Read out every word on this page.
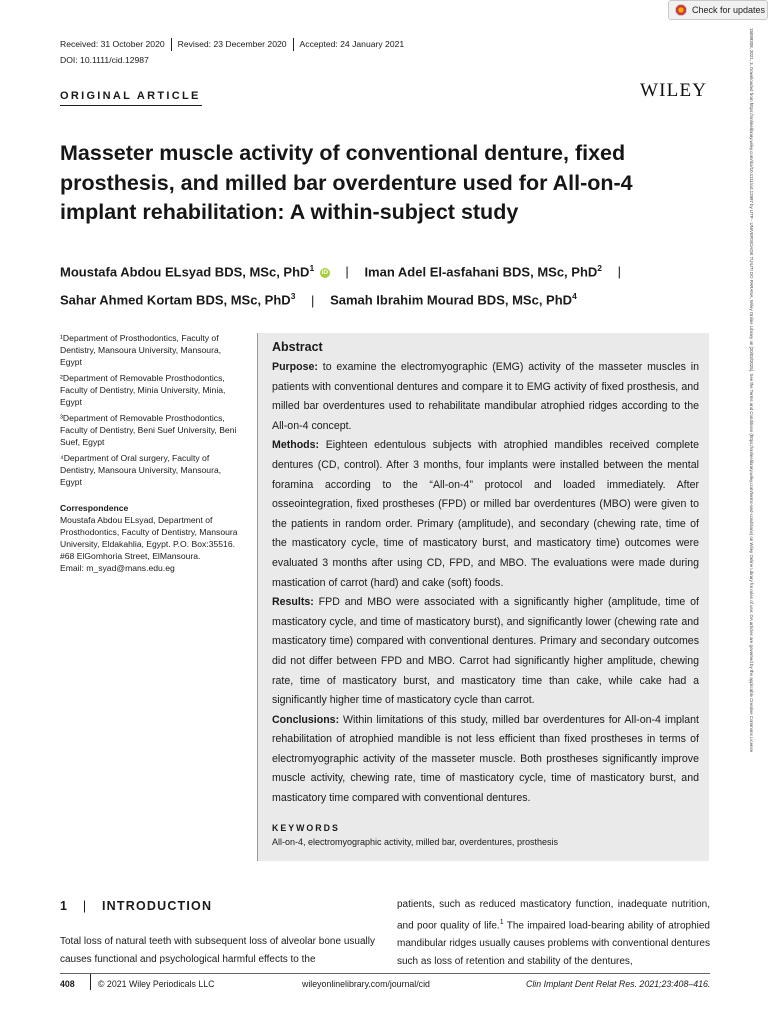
Check for updates
Received: 31 October 2020 Revised: 23 December 2020 Accepted: 24 January 2021
DOI: 10.1111/cid.12987
ORIGINAL ARTICLE	WILEY
Masseter muscle activity of conventional denture, fixed prosthesis, and milled bar overdenture used for All-on-4 implant rehabilitation: A within-subject study
Moustafa Abdou ELsyad BDS, MSc, PhD$^1$ iD | Iman Adel El-asfahani BDS, MSc, PhD$^2$ |
Sahar Ahmed Kortam BDS, MSc, PhD$^3$ | Samah Ibrahim Mourad BDS, MSc, PhD$^4$

¹Department of Prosthodontics, Faculty of Dentistry, Mansoura University, Mansoura, Egypt

²Department of Removable Prosthodontics, Faculty of Dentistry, Minia University, Minia, Egypt

³Department of Removable Prosthodontics, Faculty of Dentistry, Beni Suef University, Beni Suef, Egypt

⁴Department of Oral surgery, Faculty of Dentistry, Mansoura University, Mansoura, Egypt

Correspondence

Moustafa Abdou ELsyad, Department of Prosthodontics, Faculty of Dentistry, Mansoura University, Eldakahlia, Egypt. P.O. Box:35516. #68 ElGomhoria Street, ElMansoura.

Email: m_syad@mans.edu.eg

Abstract

Purpose: to examine the electromyographic (EMG) activity of the masseter muscles in patients with conventional dentures and compare it to EMG activity of fixed prosthesis, and milled bar overdentures used to rehabilitate mandibular atrophied ridges according to the All-on-4 concept.

Methods: Eighteen edentulous subjects with atrophied mandibles received complete dentures (CD, control). After 3 months, four implants were installed between the mental foramina according to the “All-on-4” protocol and loaded immediately. After osseointegration, fixed prostheses (FPD) or milled bar overdentures (MBO) were given to the patients in random order. Primary (amplitude), and secondary (chewing rate, time of the masticatory cycle, time of masticatory burst, and masticatory time) outcomes were evaluated 3 months after using CD, FPD, and MBO. The evaluations were made during mastication of carrot (hard) and cake (soft) foods.

Results: FPD and MBO were associated with a significantly higher (amplitude, time of masticatory cycle, and time of masticatory burst), and significantly lower (chewing rate and masticatory time) compared with conventional dentures. Primary and secondary outcomes did not differ between FPD and MBO. Carrot had significantly higher amplitude, chewing rate, time of masticatory burst, and masticatory time than cake, while cake had a significantly higher time of masticatory cycle than carrot.

Conclusions: Within limitations of this study, milled bar overdentures for All-on-4 implant rehabilitation of atrophied mandible is not less efficient than fixed prostheses in terms of electromyographic activity of the masseter muscle. Both prostheses significantly improve muscle activity, chewing rate, time of masticatory cycle, time of masticatory burst, and masticatory time compared with conventional dentures.

KEYWORDS
All-on-4, electromyographic activity, milled bar, overdentures, prosthesis
1 | INTRODUCTION
Total loss of natural teeth with subsequent loss of alveolar bone usually causes functional and psychological harmful effects to the
patients, such as reduced masticatory function, inadequate nutrition, and poor quality of life.$^1$ The impaired load-bearing ability of atrophied mandibular ridges usually causes problems with conventional dentures such as loss of retention and stability of the dentures,
408	© 2021 Wiley Periodicals LLC	wileyonlinelibrary.com/journal/cid	Clin Implant Dent Relat Res. 2021;23:408–416.
15088208, 2021, 3, Downloaded from https://onlinelibrary.wiley.com/doi/10.1111/cid.12987 by UTP - UNIVERSIDADE TUIUTI DO PARANA, Wiley Online Library on [20/03/2025]. See the Terms and Conditions (https://onlinelibrary.wiley.com/terms-and-conditions) on Wiley Online Library for rules of use; OA articles are governed by the applicable Creative Commons License
